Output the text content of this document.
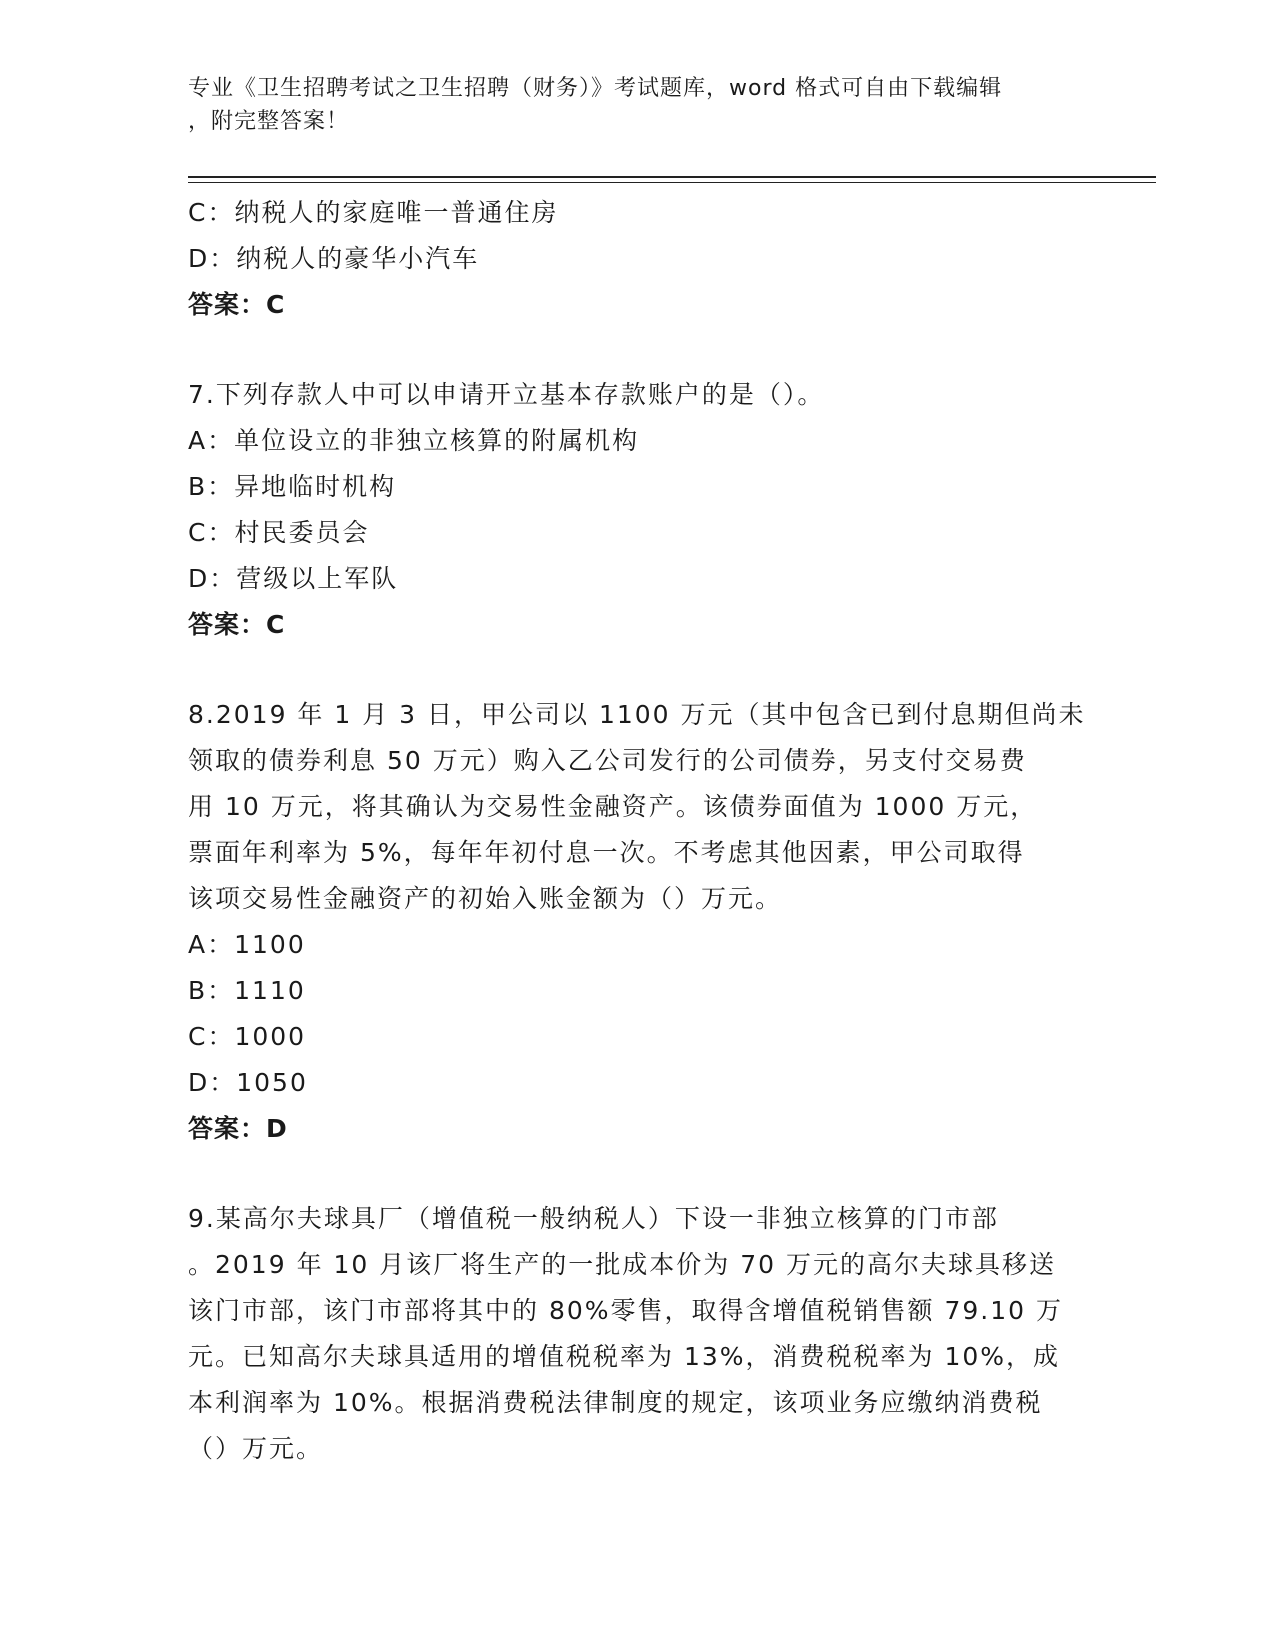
专业《卫生招聘考试之卫生招聘（财务）》考试题库，word 格式可自由下载编辑
，附完整答案！
C：纳税人的家庭唯一普通住房
D：纳税人的豪华小汽车
答案：C
7.下列存款人中可以申请开立基本存款账户的是（）。
A：单位设立的非独立核算的附属机构
B：异地临时机构
C：村民委员会
D：营级以上军队
答案：C
8.2019 年 1 月 3 日，甲公司以 1100 万元（其中包含已到付息期但尚未
领取的债券利息 50 万元）购入乙公司发行的公司债券，另支付交易费
用 10 万元，将其确认为交易性金融资产。该债券面值为 1000 万元，
票面年利率为 5%，每年年初付息一次。不考虑其他因素，甲公司取得
该项交易性金融资产的初始入账金额为（）万元。
A：1100
B：1110
C：1000
D：1050
答案：D
9.某高尔夫球具厂（增值税一般纳税人）下设一非独立核算的门市部
。2019 年 10 月该厂将生产的一批成本价为 70 万元的高尔夫球具移送
该门市部，该门市部将其中的 80%零售，取得含增值税销售额 79.10 万
元。已知高尔夫球具适用的增值税税率为 13%，消费税税率为 10%，成
本利润率为 10%。根据消费税法律制度的规定，该项业务应缴纳消费税
（）万元。
